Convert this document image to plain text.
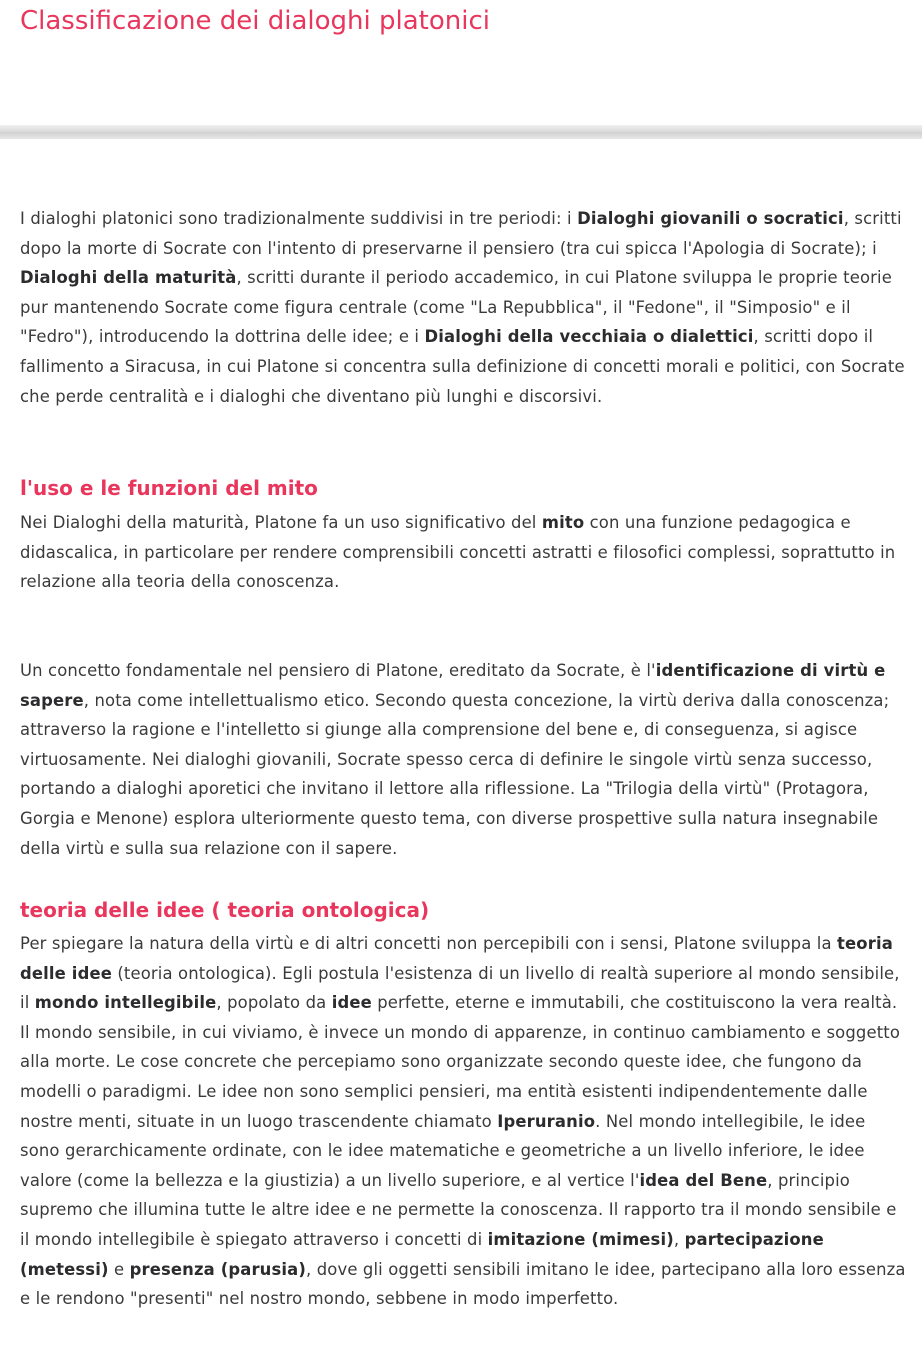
Classificazione dei dialoghi platonici

I dialoghi platonici sono tradizionalmente suddivisi in tre periodi: i Dialoghi giovanili o socratici, scritti dopo la morte di Socrate con l'intento di preservarne il pensiero (tra cui spicca l'Apologia di Socrate); i Dialoghi della maturità, scritti durante il periodo accademico, in cui Platone sviluppa le proprie teorie pur mantenendo Socrate come figura centrale (come "La Repubblica", il "Fedone", il "Simposio" e il "Fedro"), introducendo la dottrina delle idee; e i Dialoghi della vecchiaia o dialettici, scritti dopo il fallimento a Siracusa, in cui Platone si concentra sulla definizione di concetti morali e politici, con Socrate che perde centralità e i dialoghi che diventano più lunghi e discorsivi.

l'uso e le funzioni del mito

Nei Dialoghi della maturità, Platone fa un uso significativo del mito con una funzione pedagogica e didascalica, in particolare per rendere comprensibili concetti astratti e filosofici complessi, soprattutto in relazione alla teoria della conoscenza.

Un concetto fondamentale nel pensiero di Platone, ereditato da Socrate, è l'identificazione di virtù e sapere, nota come intellettualismo etico. Secondo questa concezione, la virtù deriva dalla conoscenza; attraverso la ragione e l'intelletto si giunge alla comprensione del bene e, di conseguenza, si agisce virtuosamente. Nei dialoghi giovanili, Socrate spesso cerca di definire le singole virtù senza successo, portando a dialoghi aporetici che invitano il lettore alla riflessione. La "Trilogia della virtù" (Protagora, Gorgia e Menone) esplora ulteriormente questo tema, con diverse prospettive sulla natura insegnabile della virtù e sulla sua relazione con il sapere.

teoria delle idee ( teoria ontologica)

Per spiegare la natura della virtù e di altri concetti non percepibili con i sensi, Platone sviluppa la teoria delle idee (teoria ontologica). Egli postula l'esistenza di un livello di realtà superiore al mondo sensibile, il mondo intellegibile, popolato da idee perfette, eterne e immutabili, che costituiscono la vera realtà. Il mondo sensibile, in cui viviamo, è invece un mondo di apparenze, in continuo cambiamento e soggetto alla morte. Le cose concrete che percepiamo sono organizzate secondo queste idee, che fungono da modelli o paradigmi. Le idee non sono semplici pensieri, ma entità esistenti indipendentemente dalle nostre menti, situate in un luogo trascendente chiamato Iperuranio. Nel mondo intellegibile, le idee sono gerarchicamente ordinate, con le idee matematiche e geometriche a un livello inferiore, le idee valore (come la bellezza e la giustizia) a un livello superiore, e al vertice l'idea del Bene, principio supremo che illumina tutte le altre idee e ne permette la conoscenza. Il rapporto tra il mondo sensibile e il mondo intellegibile è spiegato attraverso i concetti di imitazione (mimesi), partecipazione (metessi) e presenza (parusia), dove gli oggetti sensibili imitano le idee, partecipano alla loro essenza e le rendono "presenti" nel nostro mondo, sebbene in modo imperfetto.
